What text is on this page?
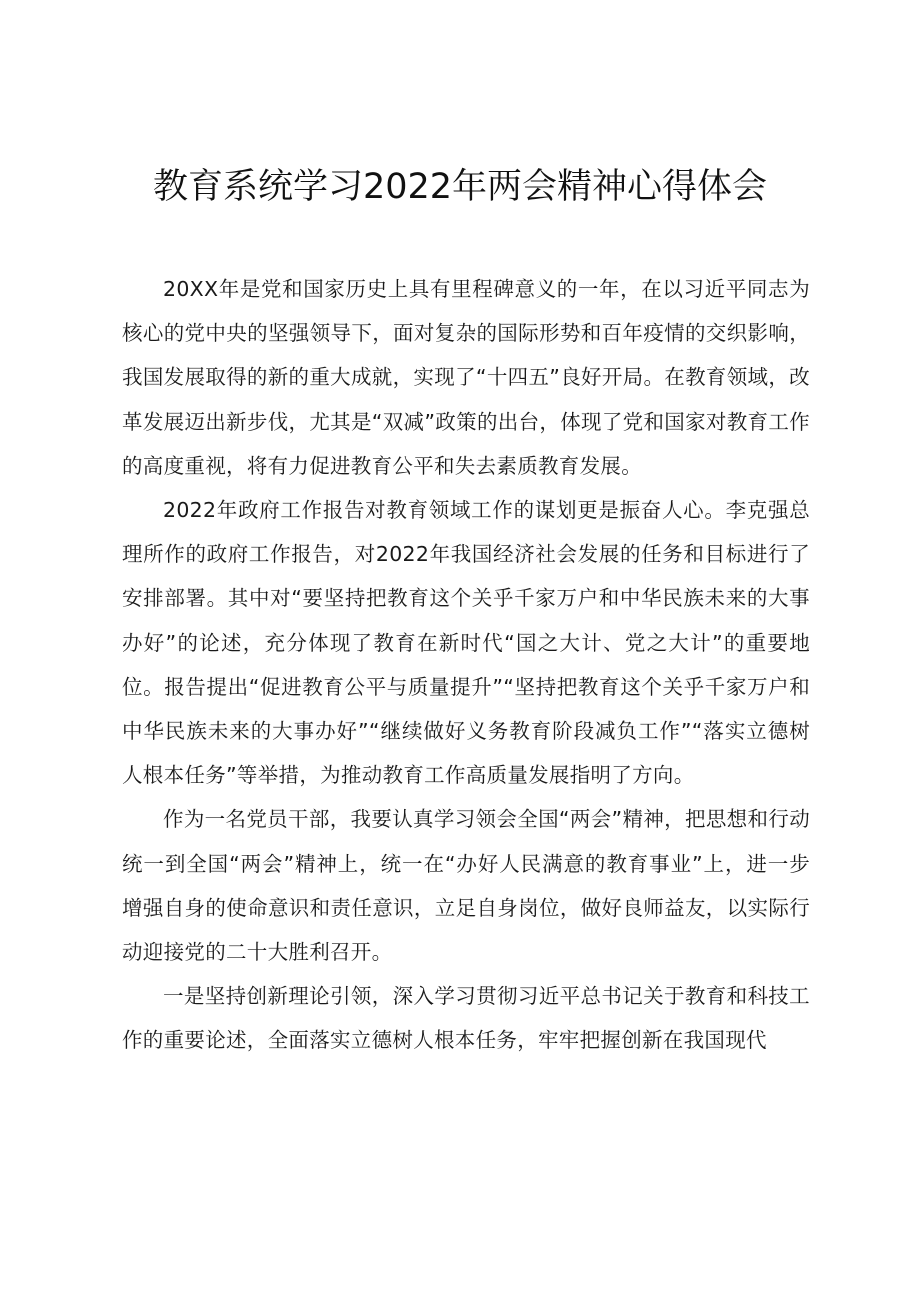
教育系统学习2022年两会精神心得体会

20XX年是党和国家历史上具有里程碑意义的一年，在以习近平同志为核心的党中央的坚强领导下，面对复杂的国际形势和百年疫情的交织影响，我国发展取得的新的重大成就，实现了“十四五”良好开局。在教育领域，改革发展迈出新步伐，尤其是“双减”政策的出台，体现了党和国家对教育工作的高度重视，将有力促进教育公平和失去素质教育发展。

2022年政府工作报告对教育领域工作的谋划更是振奋人心。李克强总理所作的政府工作报告，对2022年我国经济社会发展的任务和目标进行了安排部署。其中对“要坚持把教育这个关乎千家万户和中华民族未来的大事办好”的论述，充分体现了教育在新时代“国之大计、党之大计”的重要地位。报告提出“促进教育公平与质量提升”“坚持把教育这个关乎千家万户和中华民族未来的大事办好”“继续做好义务教育阶段减负工作”“落实立德树人根本任务”等举措，为推动教育工作高质量发展指明了方向。

作为一名党员干部，我要认真学习领会全国“两会”精神，把思想和行动统一到全国“两会”精神上，统一在“办好人民满意的教育事业”上，进一步增强自身的使命意识和责任意识，立足自身岗位，做好良师益友，以实际行动迎接党的二十大胜利召开。

一是坚持创新理论引领，深入学习贯彻习近平总书记关于教育和科技工作的重要论述，全面落实立德树人根本任务，牢牢把握创新在我国现代
